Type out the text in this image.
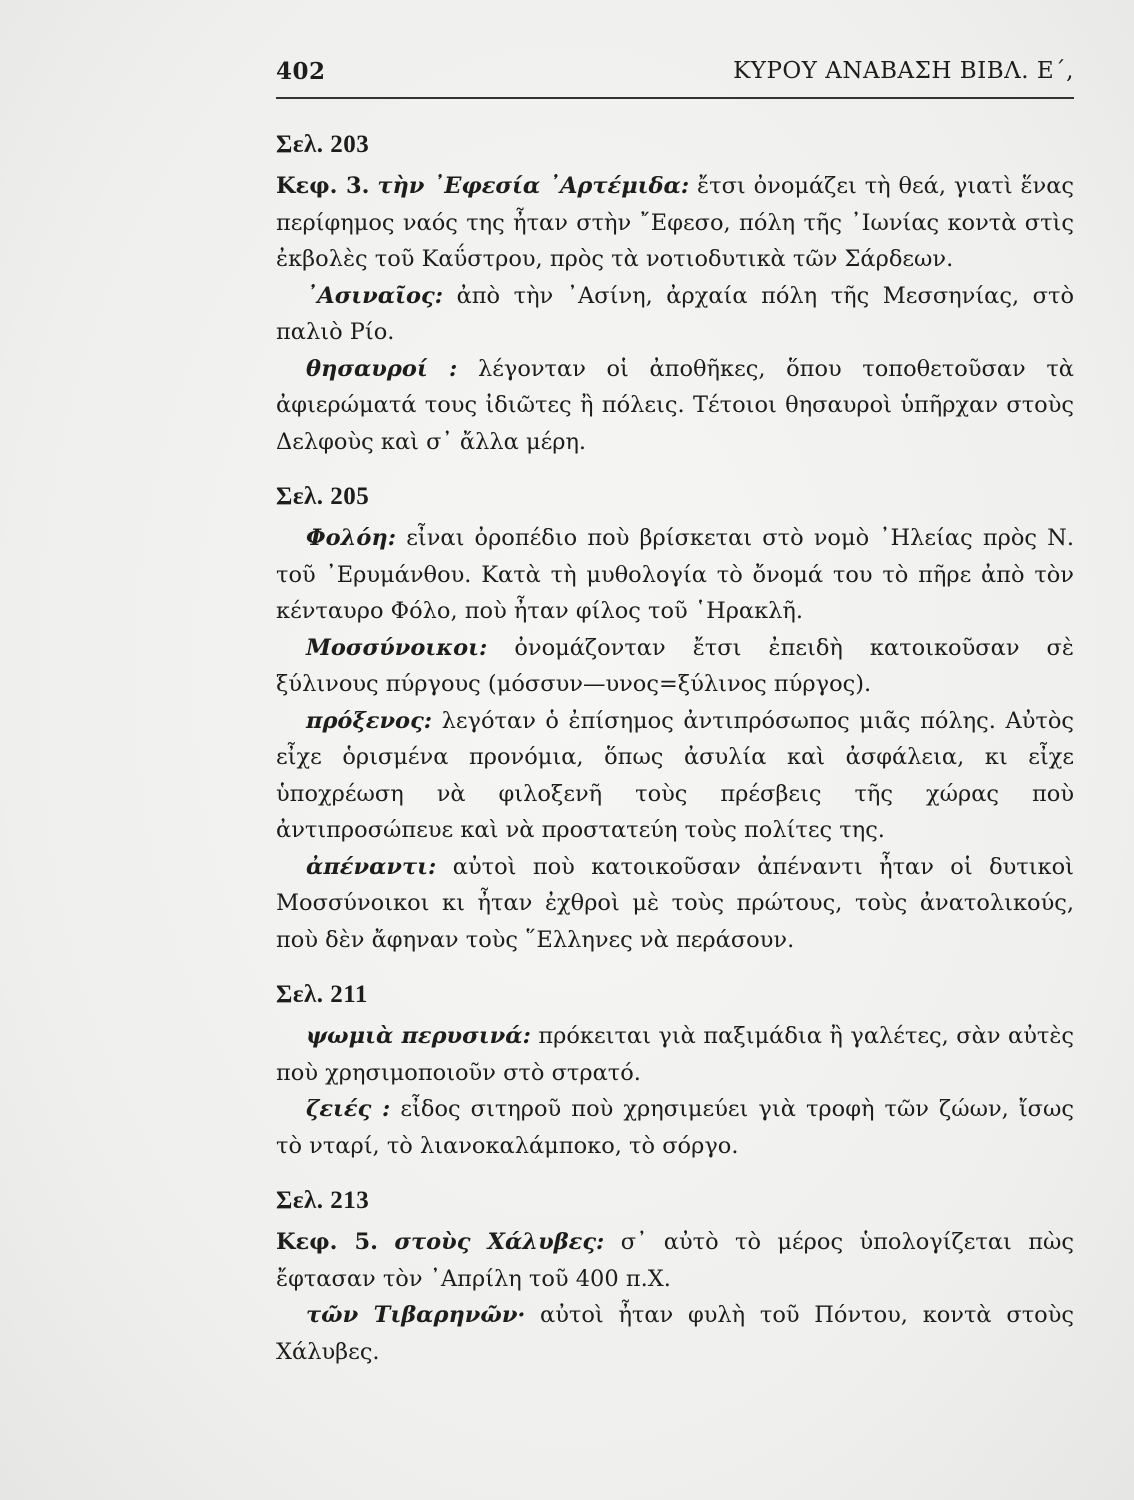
402	ΚΥΡΟΥ ΑΝΑΒΑΣΗ ΒΙΒΛ. Ε΄,
Σελ. 203

Κεφ. 3. τὴν ᾿Εφεσία ᾿Αρτέμιδα: ἔτσι ὀνομάζει τὴ θεά, γιατὶ ἕνας περίφημος ναός της ἦταν στὴν ῎Εφεσο, πόλη τῆς ᾿Ιωνίας κοντὰ στὶς ἐκβολὲς τοῦ Καΰστρου, πρὸς τὰ νοτιοδυτικὰ τῶν Σάρδεων.

᾿Ασιναῖος: ἀπὸ τὴν ᾿Ασίνη, ἀρχαία πόλη τῆς Μεσσηνίας, στὸ παλιὸ Ρίο.

θησαυροί : λέγονταν οἱ ἀποθῆκες, ὅπου τοποθετοῦσαν τὰ ἀφιερώματά τους ἰδιῶτες ἢ πόλεις. Τέτοιοι θησαυροὶ ὑπῆρχαν στοὺς Δελφοὺς καὶ σ᾿ ἄλλα μέρη.

Σελ. 205

Φολόη: εἶναι ὀροπέδιο ποὺ βρίσκεται στὸ νομὸ ᾿Ηλείας πρὸς Ν. τοῦ ᾿Ερυμάνθου. Κατὰ τὴ μυθολογία τὸ ὄνομά του τὸ πῆρε ἀπὸ τὸν κένταυρο Φόλο, ποὺ ἦταν φίλος τοῦ ῾Ηρακλῆ.

Μοσσύνοικοι: ὀνομάζονταν ἔτσι ἐπειδὴ κατοικοῦσαν σὲ ξύλινους πύργους (μόσσυν—υνος=ξύλινος πύργος).

πρόξενος: λεγόταν ὁ ἐπίσημος ἀντιπρόσωπος μιᾶς πόλης. Αὐτὸς εἶχε ὁρισμένα προνόμια, ὅπως ἀσυλία καὶ ἀσφάλεια, κι εἶχε ὑποχρέωση νὰ φιλοξενῆ τοὺς πρέσβεις τῆς χώρας ποὺ ἀντιπροσώπευε καὶ νὰ προστατεύη τοὺς πολίτες της.

ἀπέναντι: αὐτοὶ ποὺ κατοικοῦσαν ἀπέναντι ἦταν οἱ δυτικοὶ Μοσσύνοικοι κι ἦταν ἐχθροὶ μὲ τοὺς πρώτους, τοὺς ἀνατολικούς, ποὺ δὲν ἄφηναν τοὺς ῞Ελληνες νὰ περάσουν.

Σελ. 211

ψωμιὰ περυσινά: πρόκειται γιὰ παξιμάδια ἢ γαλέτες, σὰν αὐτὲς ποὺ χρησιμοποιοῦν στὸ στρατό.

ζειές : εἶδος σιτηροῦ ποὺ χρησιμεύει γιὰ τροφὴ τῶν ζώων, ἴσως τὸ νταρί, τὸ λιανοκαλάμποκο, τὸ σόργο.

Σελ. 213

Κεφ. 5. στοὺς Χάλυβες: σ᾿ αὐτὸ τὸ μέρος ὑπολογίζεται πὼς ἔφτασαν τὸν ᾿Απρίλη τοῦ 400 π.Χ.

τῶν Τιβαρηνῶν· αὐτοὶ ἦταν φυλὴ τοῦ Πόντου, κοντὰ στοὺς Χάλυβες.
